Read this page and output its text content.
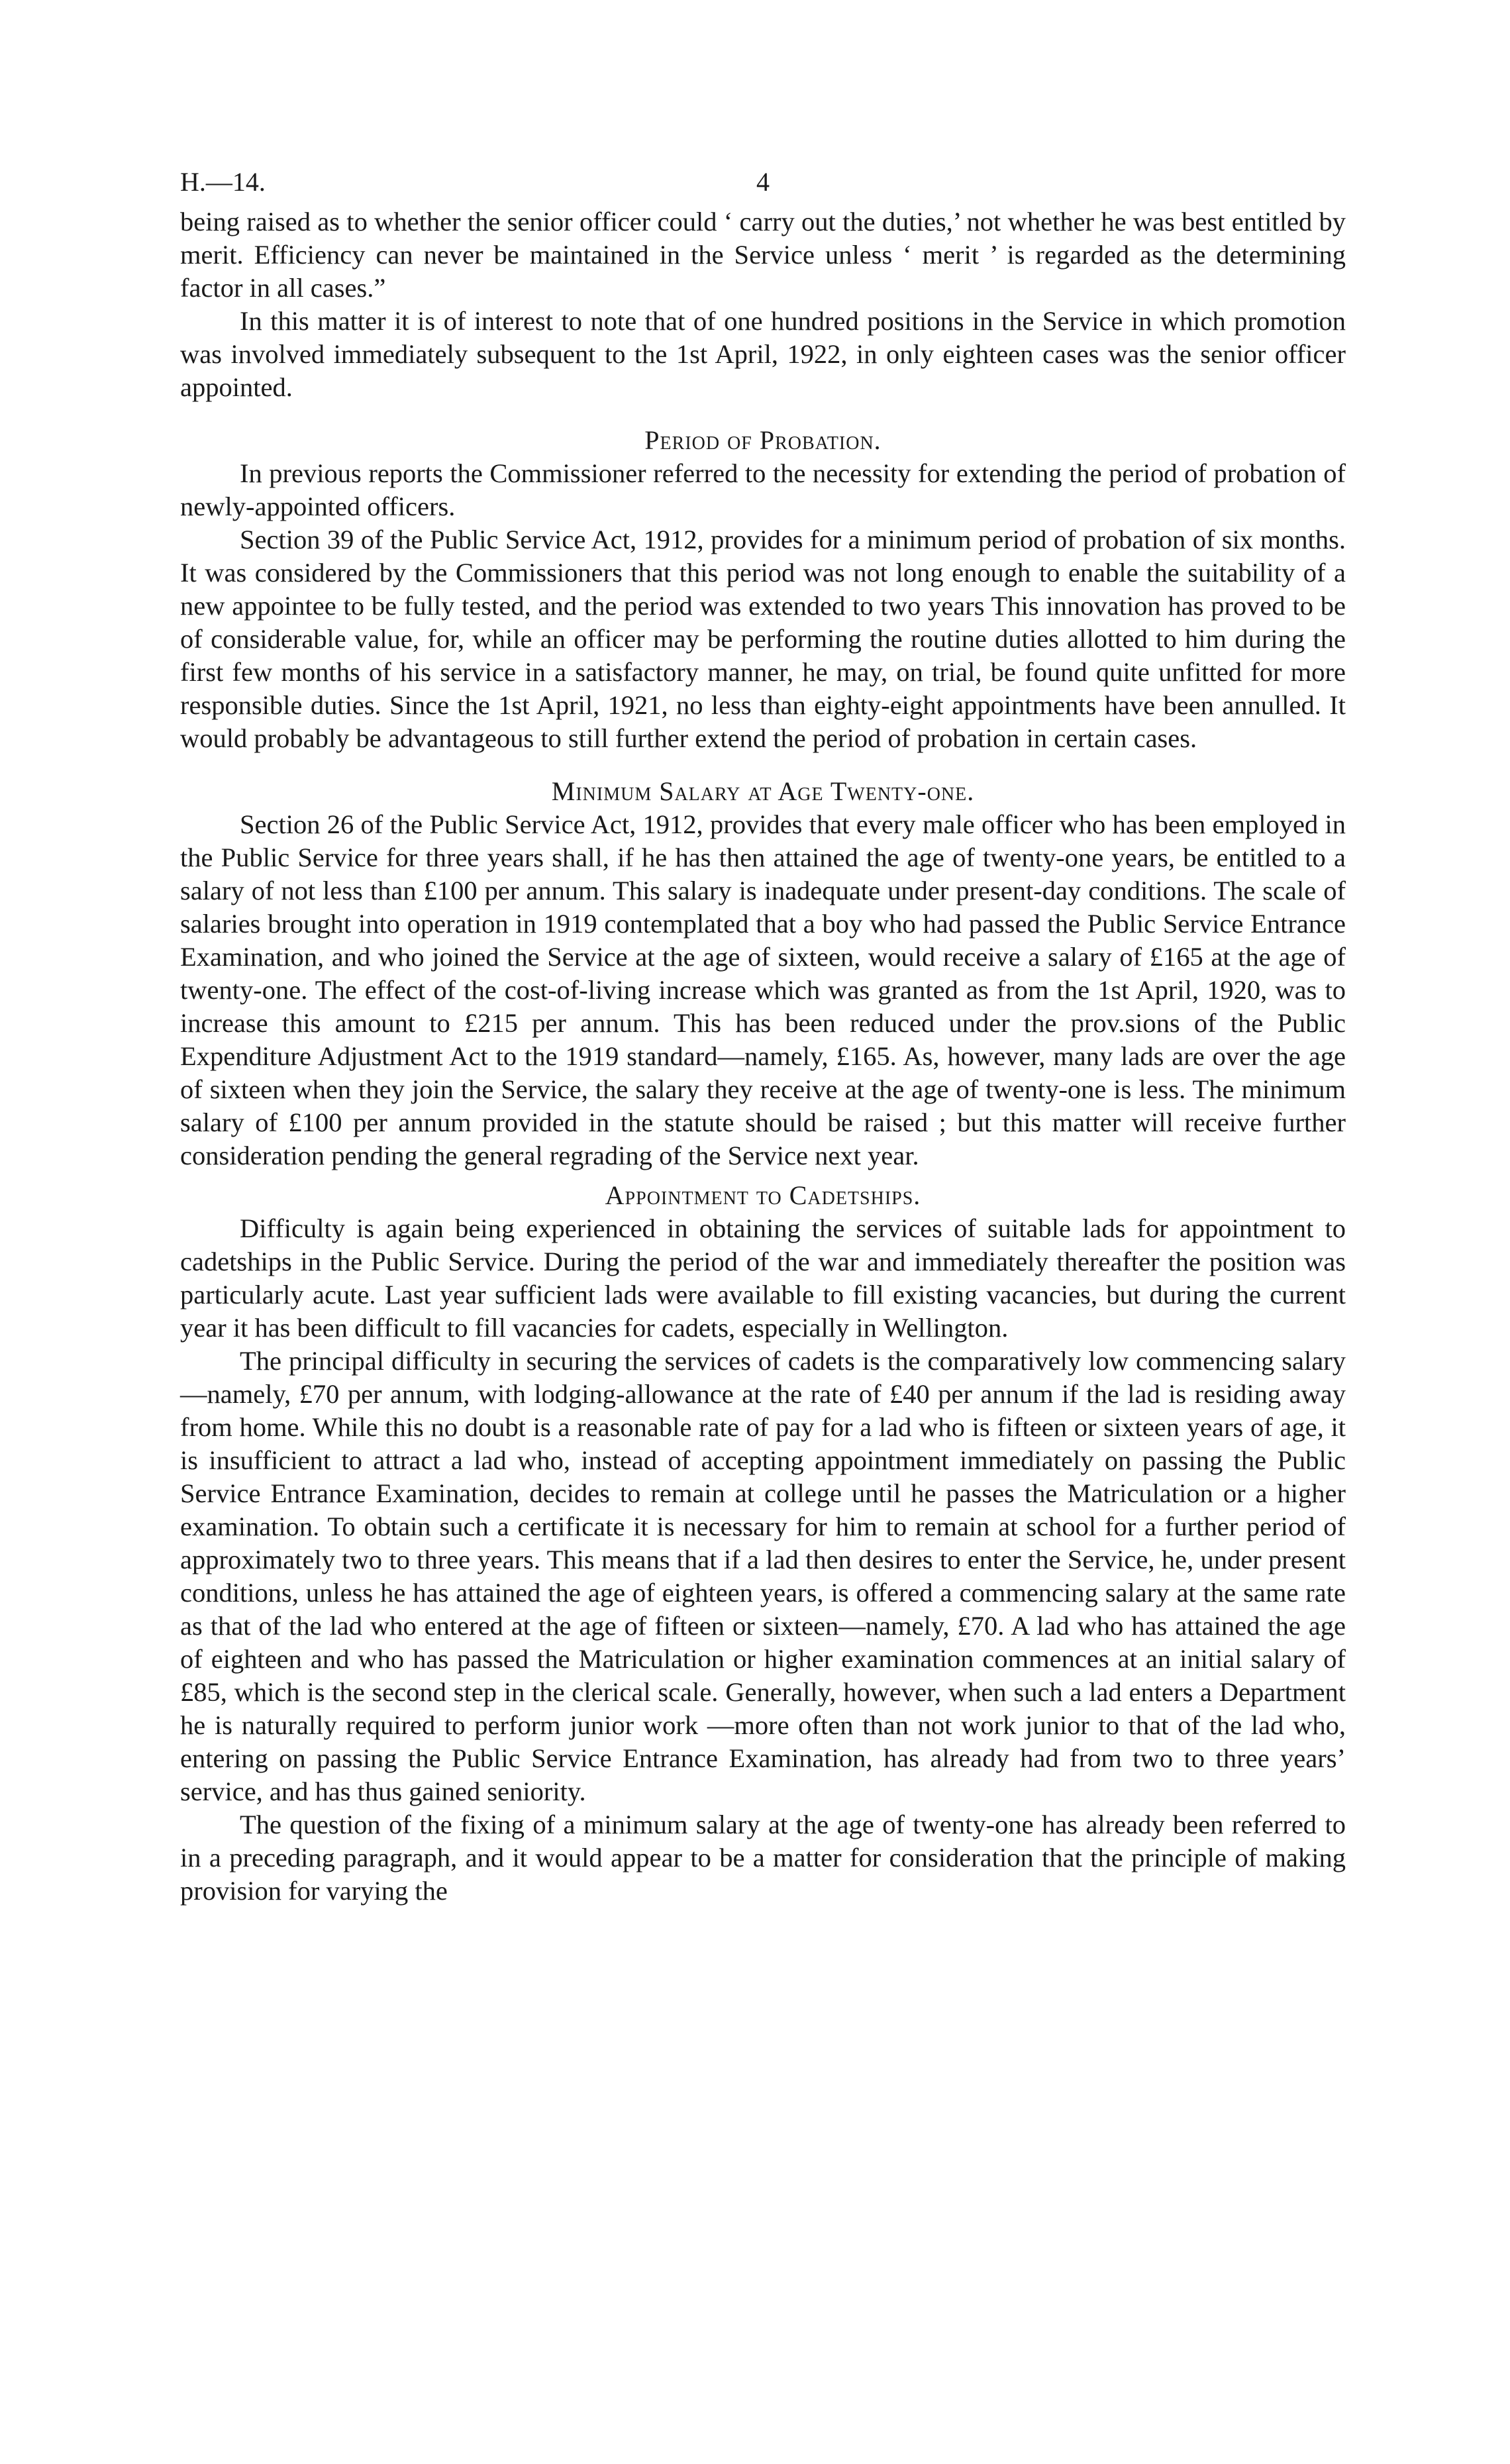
H.—14.	4

being raised as to whether the senior officer could ‘ carry out the duties,’ not whether he was best entitled by merit. Efficiency can never be maintained in the Service unless ‘ merit ’ is regarded as the determining factor in all cases.”

In this matter it is of interest to note that of one hundred positions in the Service in which promotion was involved immediately subsequent to the 1st April, 1922, in only eighteen cases was the senior officer appointed.

Period of Probation.

In previous reports the Commissioner referred to the necessity for extending the period of probation of newly-appointed officers.

Section 39 of the Public Service Act, 1912, provides for a minimum period of probation of six months. It was considered by the Commissioners that this period was not long enough to enable the suitability of a new appointee to be fully tested, and the period was extended to two years This innovation has proved to be of considerable value, for, while an officer may be performing the routine duties allotted to him during the first few months of his service in a satisfactory manner, he may, on trial, be found quite unfitted for more responsible duties. Since the 1st April, 1921, no less than eighty-eight appointments have been annulled. It would probably be advantageous to still further extend the period of probation in certain cases.

Minimum Salary at Age Twenty-one.

Section 26 of the Public Service Act, 1912, provides that every male officer who has been employed in the Public Service for three years shall, if he has then attained the age of twenty-one years, be entitled to a salary of not less than £100 per annum. This salary is inadequate under present-day conditions. The scale of salaries brought into operation in 1919 contemplated that a boy who had passed the Public Service Entrance Examination, and who joined the Service at the age of sixteen, would receive a salary of £165 at the age of twenty-one. The effect of the cost-of-living increase which was granted as from the 1st April, 1920, was to increase this amount to £215 per annum. This has been reduced under the prov.sions of the Public Expenditure Adjustment Act to the 1919 standard—namely, £165. As, however, many lads are over the age of sixteen when they join the Service, the salary they receive at the age of twenty-one is less. The minimum salary of £100 per annum provided in the statute should be raised ; but this matter will receive further consideration pending the general regrading of the Service next year.

Appointment to Cadetships.

Difficulty is again being experienced in obtaining the services of suitable lads for appointment to cadetships in the Public Service. During the period of the war and immediately thereafter the position was particularly acute. Last year sufficient lads were available to fill existing vacancies, but during the current year it has been difficult to fill vacancies for cadets, especially in Wellington.

The principal difficulty in securing the services of cadets is the comparatively low commencing salary—namely, £70 per annum, with lodging-allowance at the rate of £40 per annum if the lad is residing away from home. While this no doubt is a reasonable rate of pay for a lad who is fifteen or sixteen years of age, it is insufficient to attract a lad who, instead of accepting appointment immediately on passing the Public Service Entrance Examination, decides to remain at college until he passes the Matriculation or a higher examination. To obtain such a certificate it is necessary for him to remain at school for a further period of approximately two to three years. This means that if a lad then desires to enter the Service, he, under present conditions, unless he has attained the age of eighteen years, is offered a commencing salary at the same rate as that of the lad who entered at the age of fifteen or sixteen—namely, £70. A lad who has attained the age of eighteen and who has passed the Matriculation or higher examination commences at an initial salary of £85, which is the second step in the clerical scale. Generally, however, when such a lad enters a Department he is naturally required to perform junior work —more often than not work junior to that of the lad who, entering on passing the Public Service Entrance Examination, has already had from two to three years’ service, and has thus gained seniority.

The question of the fixing of a minimum salary at the age of twenty-one has already been referred to in a preceding paragraph, and it would appear to be a matter for consideration that the principle of making provision for varying the
